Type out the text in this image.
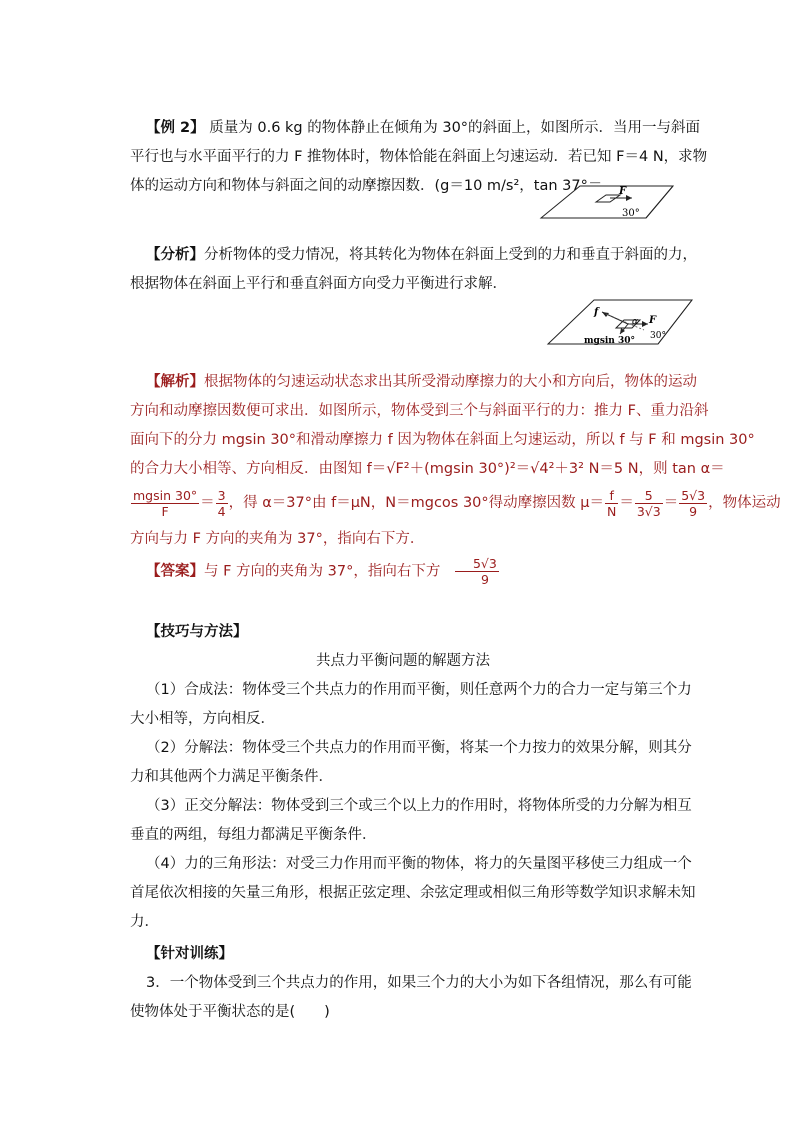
【例 2】 质量为 0.6 kg 的物体静止在倾角为 30°的斜面上，如图所示．当用一与斜面

平行也与水平面平行的力 F 推物体时，物体恰能在斜面上匀速运动．若已知 F＝4 N，求物

体的运动方向和物体与斜面之间的动摩擦因数．(g＝10 m/s²，tan 37°＝	F
30°

【分析】分析物体的受力情况，将其转化为物体在斜面上受到的力和垂直于斜面的力，

根据物体在斜面上平行和垂直斜面方向受力平衡进行求解．

f
α F
30°
mgsin 30°

【解析】根据物体的匀速运动状态求出其所受滑动摩擦力的大小和方向后，物体的运动

方向和动摩擦因数便可求出．如图所示，物体受到三个与斜面平行的力：推力 F、重力沿斜

面向下的分力 mgsin 30°和滑动摩擦力 f 因为物体在斜面上匀速运动，所以 f 与 F 和 mgsin 30°

的合力大小相等、方向相反．由图知 f＝√F²＋(mgsin 30°)²＝√4²＋3² N＝5 N，则 tan α＝

$\frac{mgsin 30^\circ}{F} = \frac{3}{4}$ ，得 α＝37°由 f＝μN，N＝mgcos 30°得动摩擦因数 $\mu= \frac{f}{N} = \frac{5}{3√3} = \frac{5√3}{9}$ ，物体运动

方向与力 F 方向的夹角为 37°，指向右下方．

【答案】与 F 方向的夹角为 37°，指向右下方 $\frac{5√3}{9}$

【技巧与方法】

共点力平衡问题的解题方法

（1）合成法：物体受三个共点力的作用而平衡，则任意两个力的合力一定与第三个力

大小相等，方向相反．

（2）分解法：物体受三个共点力的作用而平衡，将某一个力按力的效果分解，则其分

力和其他两个力满足平衡条件．

（3）正交分解法：物体受到三个或三个以上力的作用时，将物体所受的力分解为相互

垂直的两组，每组力都满足平衡条件．

（4）力的三角形法：对受三力作用而平衡的物体，将力的矢量图平移使三力组成一个

首尾依次相接的矢量三角形，根据正弦定理、余弦定理或相似三角形等数学知识求解未知

力．

【针对训练】

3．一个物体受到三个共点力的作用，如果三个力的大小为如下各组情况，那么有可能

使物体处于平衡状态的是(　　)
